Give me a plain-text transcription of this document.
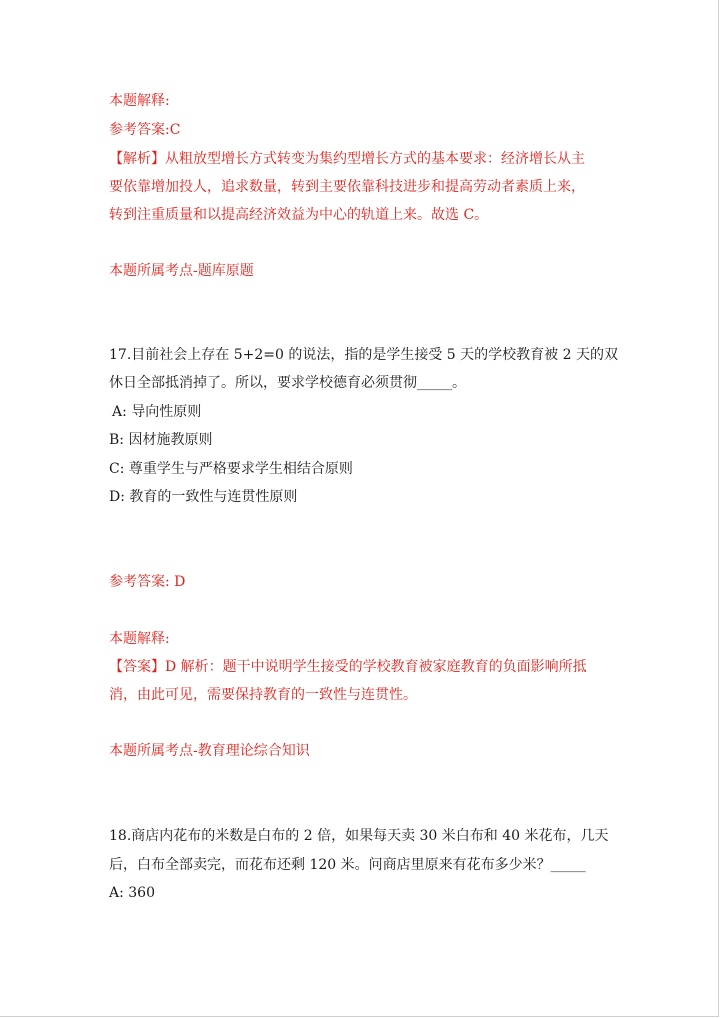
本题解释:
参考答案:C
【解析】从粗放型增长方式转变为集约型增长方式的基本要求：经济增长从主
要依靠增加投人，追求数量，转到主要依靠科技进步和提高劳动者素质上来，
转到注重质量和以提高经济效益为中心的轨道上来。故选 C。
本题所属考点-题库原题
17.目前社会上存在 5+2=0 的说法，指的是学生接受 5 天的学校教育被 2 天的双
休日全部抵消掉了。所以，要求学校德育必须贯彻_____。
A: 导向性原则
B: 因材施教原则
C: 尊重学生与严格要求学生相结合原则
D: 教育的一致性与连贯性原则
参考答案: D
本题解释:
【答案】D 解析：题干中说明学生接受的学校教育被家庭教育的负面影响所抵
消，由此可见，需要保持教育的一致性与连贯性。
本题所属考点-教育理论综合知识
18.商店内花布的米数是白布的 2 倍，如果每天卖 30 米白布和 40 米花布，几天
后，白布全部卖完，而花布还剩 120 米。问商店里原来有花布多少米？_____
A: 360
